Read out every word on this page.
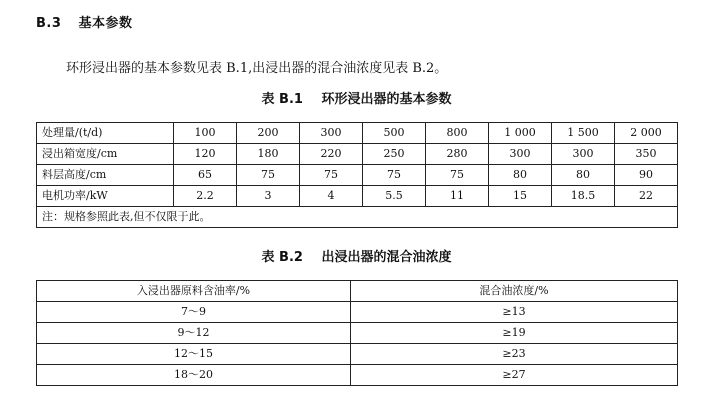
B.3 基本参数
环形浸出器的基本参数见表 B.1,出浸出器的混合油浓度见表 B.2。
表 B.1 环形浸出器的基本参数
处理量/(t/d)	100	200	300	500	800	1 000	1 500	2 000
浸出箱宽度/cm	120	180	220	250	280	300	300	350
料层高度/cm	65	75	75	75	75	80	80	90
电机功率/kW	2.2	3	4	5.5	11	15	18.5	22
注：规格参照此表,但不仅限于此。								
表 B.2 出浸出器的混合油浓度
入浸出器原料含油率/%	混合油浓度/%
7～9	≥13
9～12	≥19
12～15	≥23
18～20	≥27
